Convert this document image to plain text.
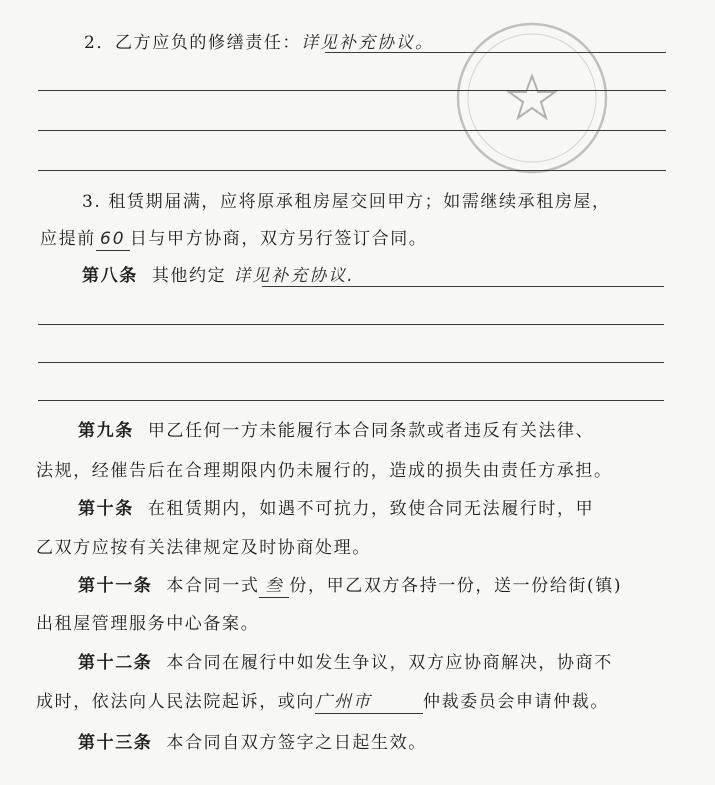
2．乙方应负的修缮责任：详见补充协议。
3. 租赁期届满，应将原承租房屋交回甲方；如需继续承租房屋，
应提前 60 日与甲方协商，双方另行签订合同。
第八条 其他约定 详见补充协议.
第九条 甲乙任何一方未能履行本合同条款或者违反有关法律、
法规，经催告后在合理期限内仍未履行的，造成的损失由责任方承担。
第十条 在租赁期内，如遇不可抗力，致使合同无法履行时，甲
乙双方应按有关法律规定及时协商处理。
第十一条 本合同一式 叁 份，甲乙双方各持一份，送一份给街(镇)
出租屋管理服务中心备案。
第十二条 本合同在履行中如发生争议，双方应协商解决，协商不
成时，依法向人民法院起诉，或向广州市	仲裁委员会申请仲裁。
第十三条 本合同自双方签字之日起生效。
